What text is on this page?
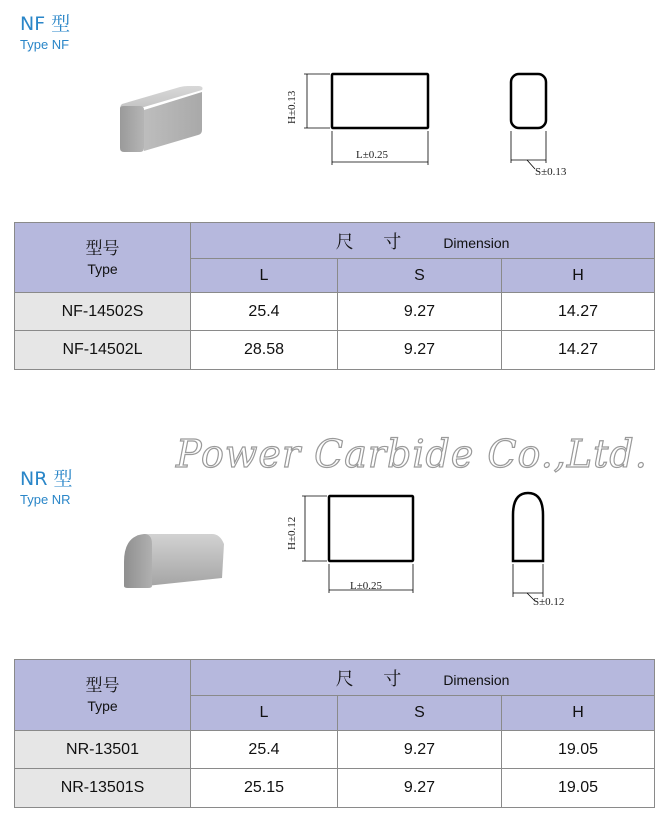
NF 型
Type NF
H±0.13
L±0.25
S±0.13
型号
Type	尺 寸 Dimension		
	L	S	H
NF-14502S	25.4	9.27	14.27
NF-14502L	28.58	9.27	14.27
Power Carbide Co.,Ltd.
NR 型
Type NR
H±0.12
L±0.25
S±0.12
型号
Type	尺 寸 Dimension		
	L	S	H
NR-13501	25.4	9.27	19.05
NR-13501S	25.15	9.27	19.05
